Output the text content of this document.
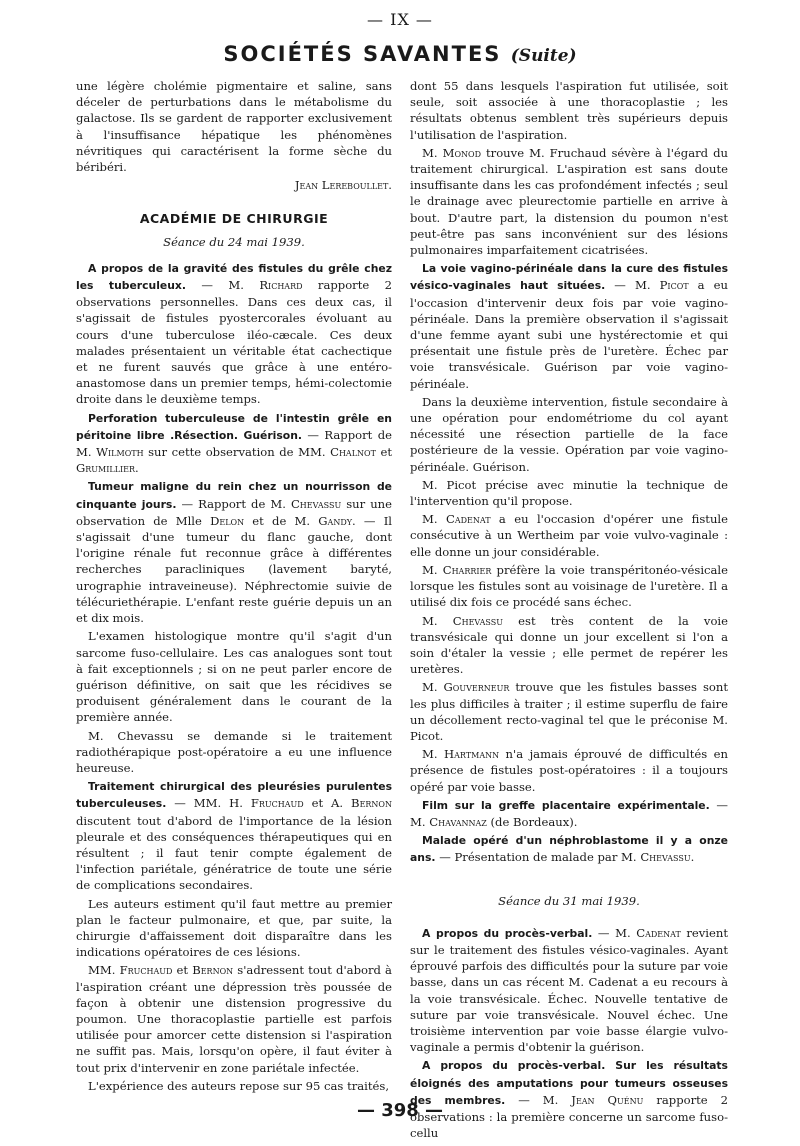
— IX —
SOCIÉTÉS SAVANTES (Suite)

une légère cholémie pigmentaire et saline, sans déceler de perturbations dans le métabolisme du galactose. Ils se gardent de rapporter exclusivement à l'insuffisance hépatique les phénomènes névritiques qui caractérisent la forme sèche du béribéri.

Jean Lereboullet.
ACADÉMIE DE CHIRURGIE
Séance du 24 mai 1939.

A propos de la gravité des fistules du grêle chez les tuberculeux. — M. Richard rapporte 2 observations personnelles. Dans ces deux cas, il s'agissait de fistules pyostercorales évoluant au cours d'une tuberculose iléo-cæcale. Ces deux malades présentaient un véritable état cachectique et ne furent sauvés que grâce à une entéro-anastomose dans un premier temps, hémi-colectomie droite dans le deuxième temps.

Perforation tuberculeuse de l'intestin grêle en péritoine libre .Résection. Guérison. — Rapport de M. Wilmoth sur cette observation de MM. Chalnot et Grumillier.

Tumeur maligne du rein chez un nourrisson de cinquante jours. — Rapport de M. Chevassu sur une observation de Mlle Delon et de M. Gandy. — Il s'agissait d'une tumeur du flanc gauche, dont l'origine rénale fut reconnue grâce à différentes recherches paracliniques (lavement baryté, urographie intraveineuse). Néphrectomie suivie de télécuriethérapie. L'enfant reste guérie depuis un an et dix mois.

L'examen histologique montre qu'il s'agit d'un sarcome fuso-cellulaire. Les cas analogues sont tout à fait exceptionnels ; si on ne peut parler encore de guérison définitive, on sait que les récidives se produisent généralement dans le courant de la première année.

M. Chevassu se demande si le traitement radiothérapique post-opératoire a eu une influence heureuse.

Traitement chirurgical des pleurésies purulentes tuberculeuses. — MM. H. Fruchaud et A. Bernon discutent tout d'abord de l'importance de la lésion pleurale et des conséquences thérapeutiques qui en résultent ; il faut tenir compte également de l'infection pariétale, génératrice de toute une série de complications secondaires.

Les auteurs estiment qu'il faut mettre au premier plan le facteur pulmonaire, et que, par suite, la chirurgie d'affaissement doit disparaître dans les indications opératoires de ces lésions.

MM. Fruchaud et Bernon s'adressent tout d'abord à l'aspiration créant une dépression très poussée de façon à obtenir une distension progressive du poumon. Une thoracoplastie partielle est parfois utilisée pour amorcer cette distension si l'aspiration ne suffit pas. Mais, lorsqu'on opère, il faut éviter à tout prix d'intervenir en zone pariétale infectée.

L'expérience des auteurs repose sur 95 cas traités,

dont 55 dans lesquels l'aspiration fut utilisée, soit seule, soit associée à une thoracoplastie ; les résultats obtenus semblent très supérieurs depuis l'utilisation de l'aspiration.

M. Monod trouve M. Fruchaud sévère à l'égard du traitement chirurgical. L'aspiration est sans doute insuffisante dans les cas profondément infectés ; seul le drainage avec pleurectomie partielle en arrive à bout. D'autre part, la distension du poumon n'est peut-être pas sans inconvénient sur des lésions pulmonaires imparfaitement cicatrisées.

La voie vagino-périnéale dans la cure des fistules vésico-vaginales haut situées. — M. Picot a eu l'occasion d'intervenir deux fois par voie vagino-périnéale. Dans la première observation il s'agissait d'une femme ayant subi une hystérectomie et qui présentait une fistule près de l'uretère. Échec par voie transvésicale. Guérison par voie vagino-périnéale.

Dans la deuxième intervention, fistule secondaire à une opération pour endométriome du col ayant nécessité une résection partielle de la face postérieure de la vessie. Opération par voie vagino-périnéale. Guérison.

M. Picot précise avec minutie la technique de l'intervention qu'il propose.

M. Cadenat a eu l'occasion d'opérer une fistule consécutive à un Wertheim par voie vulvo-vaginale : elle donne un jour considérable.

M. Charrier préfère la voie transpéritonéo-vésicale lorsque les fistules sont au voisinage de l'uretère. Il a utilisé dix fois ce procédé sans échec.

M. Chevassu est très content de la voie transvésicale qui donne un jour excellent si l'on a soin d'étaler la vessie ; elle permet de repérer les uretères.

M. Gouverneur trouve que les fistules basses sont les plus difficiles à traiter ; il estime superflu de faire un décollement recto-vaginal tel que le préconise M. Picot.

M. Hartmann n'a jamais éprouvé de difficultés en présence de fistules post-opératoires : il a toujours opéré par voie basse.

Film sur la greffe placentaire expérimentale. — M. Chavannaz (de Bordeaux).

Malade opéré d'un néphroblastome il y a onze ans. — Présentation de malade par M. Chevassu.

Séance du 31 mai 1939.

A propos du procès-verbal. — M. Cadenat revient sur le traitement des fistules vésico-vaginales. Ayant éprouvé parfois des difficultés pour la suture par voie basse, dans un cas récent M. Cadenat a eu recours à la voie transvésicale. Échec. Nouvelle tentative de suture par voie transvésicale. Nouvel échec. Une troisième intervention par voie basse élargie vulvo-vaginale a permis d'obtenir la guérison.

A propos du procès-verbal. Sur les résultats éloignés des amputations pour tumeurs osseuses des membres. — M. Jean Quénu rapporte 2 observations : la première concerne un sarcome fuso-cellu

— 398 —
